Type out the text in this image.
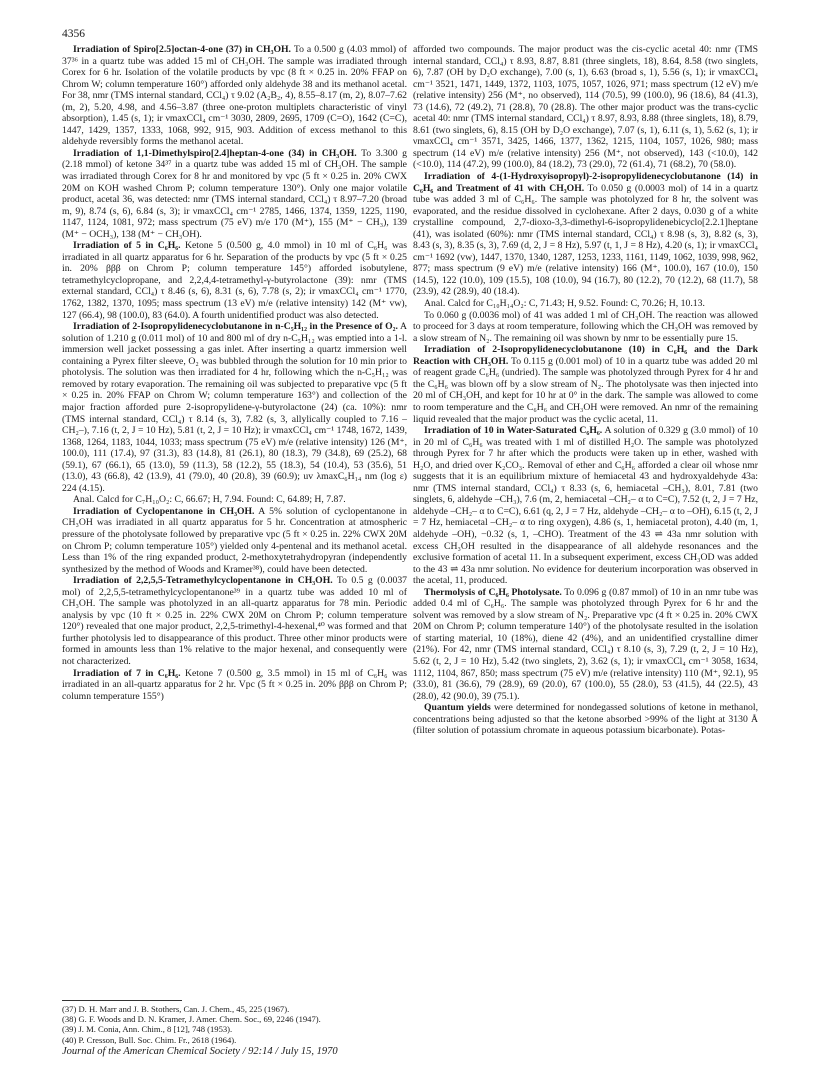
4356

Irradiation of Spiro[2.5]octan-4-one (37) in CH₃OH. To a 0.500 g (4.03 mmol) of 37³⁶ in a quartz tube was added 15 ml of CH₃OH. The sample was irradiated through Corex for 6 hr. Isolation of the volatile products by vpc (8 ft × 0.25 in. 20% FFAP on Chrom W; column temperature 160°) afforded only aldehyde 38 and its methanol acetal. For 38, nmr (TMS internal standard, CCl₄) τ 9.02 (A₂B₂, 4), 8.55–8.17 (m, 2), 8.07–7.62 (m, 2), 5.20, 4.98, and 4.56–3.87 (three one-proton multiplets characteristic of vinyl absorption), 1.45 (s, 1); ir νmaxCCl₄ cm⁻¹ 3030, 2809, 2695, 1709 (C=O), 1642 (C=C), 1447, 1429, 1357, 1333, 1068, 992, 915, 903. Addition of excess methanol to this aldehyde reversibly forms the methanol acetal.

Irradiation of 1,1-Dimethylspiro[2.4]heptan-4-one (34) in CH₃OH. To 3.300 g (2.18 mmol) of ketone 34³⁷ in a quartz tube was added 15 ml of CH₃OH. The sample was irradiated through Corex for 8 hr and monitored by vpc (5 ft × 0.25 in. 20% CWX 20M on KOH washed Chrom P; column temperature 130°). Only one major volatile product, acetal 36, was detected: nmr (TMS internal standard, CCl₄) τ 8.97–7.20 (broad m, 9), 8.74 (s, 6), 6.84 (s, 3); ir νmaxCCl₄ cm⁻¹ 2785, 1466, 1374, 1359, 1225, 1190, 1147, 1124, 1081, 972; mass spectrum (75 eV) m/e 170 (M⁺), 155 (M⁺ − CH₃), 139 (M⁺ − OCH₃), 138 (M⁺ − CH₃OH).

Irradiation of 5 in C₆H₆. Ketone 5 (0.500 g, 4.0 mmol) in 10 ml of C₆H₆ was irradiated in all quartz apparatus for 6 hr. Separation of the products by vpc (5 ft × 0.25 in. 20% βββ on Chrom P; column temperature 145°) afforded isobutylene, tetramethylcyclopropane, and 2,2,4,4-tetramethyl-γ-butyrolactone (39): nmr (TMS external standard, CCl₄) τ 8.46 (s, 6), 8.31 (s, 6), 7.78 (s, 2); ir νmaxCCl₄ cm⁻¹ 1770, 1762, 1382, 1370, 1095; mass spectrum (13 eV) m/e (relative intensity) 142 (M⁺ vw), 127 (66.4), 98 (100.0), 83 (64.0). A fourth unidentified product was also detected.

Irradiation of 2-Isopropylidenecyclobutanone in n-C₅H₁₂ in the Presence of O₂. A solution of 1.210 g (0.011 mol) of 10 and 800 ml of dry n-C₅H₁₂ was emptied into a 1-l. immersion well jacket possessing a gas inlet. After inserting a quartz immersion well containing a Pyrex filter sleeve, O₂ was bubbled through the solution for 10 min prior to photolysis. The solution was then irradiated for 4 hr, following which the n-C₅H₁₂ was removed by rotary evaporation. The remaining oil was subjected to preparative vpc (5 ft × 0.25 in. 20% FFAP on Chrom W; column temperature 163°) and collection of the major fraction afforded pure 2-isopropylidene-γ-butyrolactone (24) (ca. 10%): nmr (TMS internal standard, CCl₄) τ 8.14 (s, 3), 7.82 (s, 3, allylically coupled to 7.16 –CH₂–), 7.16 (t, 2, J = 10 Hz), 5.81 (t, 2, J = 10 Hz); ir νmaxCCl₄ cm⁻¹ 1748, 1672, 1439, 1368, 1264, 1183, 1044, 1033; mass spectrum (75 eV) m/e (relative intensity) 126 (M⁺, 100.0), 111 (17.4), 97 (31.3), 83 (14.8), 81 (26.1), 80 (18.3), 79 (34.8), 69 (25.2), 68 (59.1), 67 (66.1), 65 (13.0), 59 (11.3), 58 (12.2), 55 (18.3), 54 (10.4), 53 (35.6), 51 (13.0), 43 (66.8), 42 (13.9), 41 (79.0), 40 (20.8), 39 (60.9); uv λmaxC₆H₁₄ nm (log ε) 224 (4.15).

Anal. Calcd for C₇H₁₀O₂: C, 66.67; H, 7.94. Found: C, 64.89; H, 7.87.

Irradiation of Cyclopentanone in CH₃OH. A 5% solution of cyclopentanone in CH₃OH was irradiated in all quartz apparatus for 5 hr. Concentration at atmospheric pressure of the photolysate followed by preparative vpc (5 ft × 0.25 in. 22% CWX 20M on Chrom P; column temperature 105°) yielded only 4-pentenal and its methanol acetal. Less than 1% of the ring expanded product, 2-methoxytetrahydropyran (independently synthesized by the method of Woods and Kramer³⁸), could have been detected.

Irradiation of 2,2,5,5-Tetramethylcyclopentanone in CH₃OH. To 0.5 g (0.0037 mol) of 2,2,5,5-tetramethylcyclopentanone³⁹ in a quartz tube was added 10 ml of CH₃OH. The sample was photolyzed in an all-quartz apparatus for 78 min. Periodic analysis by vpc (10 ft × 0.25 in. 22% CWX 20M on Chrom P; column temperature 120°) revealed that one major product, 2,2,5-trimethyl-4-hexenal,⁴⁰ was formed and that further photolysis led to disappearance of this product. Three other minor products were formed in amounts less than 1% relative to the major hexenal, and consequently were not characterized.

Irradiation of 7 in C₆H₆. Ketone 7 (0.500 g, 3.5 mmol) in 15 ml of C₆H₆ was irradiated in an all-quartz apparatus for 2 hr. Vpc (5 ft × 0.25 in. 20% βββ on Chrom P; column temperature 155°)

afforded two compounds. The major product was the cis-cyclic acetal 40: nmr (TMS internal standard, CCl₄) τ 8.93, 8.87, 8.81 (three singlets, 18), 8.64, 8.58 (two singlets, 6), 7.87 (OH by D₂O exchange), 7.00 (s, 1), 6.63 (broad s, 1), 5.56 (s, 1); ir νmaxCCl₄ cm⁻¹ 3521, 1471, 1449, 1372, 1103, 1075, 1057, 1026, 971; mass spectrum (12 eV) m/e (relative intensity) 256 (M⁺, no observed), 114 (70.5), 99 (100.0), 96 (18.6), 84 (41.3), 73 (14.6), 72 (49.2), 71 (28.8), 70 (28.8). The other major product was the trans-cyclic acetal 40: nmr (TMS internal standard, CCl₄) τ 8.97, 8.93, 8.88 (three singlets, 18), 8.79, 8.61 (two singlets, 6), 8.15 (OH by D₂O exchange), 7.07 (s, 1), 6.11 (s, 1), 5.62 (s, 1); ir νmaxCCl₄ cm⁻¹ 3571, 3425, 1466, 1377, 1362, 1215, 1104, 1057, 1026, 980; mass spectrum (14 eV) m/e (relative intensity) 256 (M⁺, not observed), 143 (<10.0), 142 (<10.0), 114 (47.2), 99 (100.0), 84 (18.2), 73 (29.0), 72 (61.4), 71 (68.2), 70 (58.0).

Irradiation of 4-(1-Hydroxyisopropyl)-2-isopropylidenecyclobutanone (14) in C₆H₆ and Treatment of 41 with CH₃OH. To 0.050 g (0.0003 mol) of 14 in a quartz tube was added 3 ml of C₆H₆. The sample was photolyzed for 8 hr, the solvent was evaporated, and the residue dissolved in cyclohexane. After 2 days, 0.030 g of a white crystalline compound, 2,7-dioxo-3,3-dimethyl-6-isopropylidenebicyclo[2.2.1]heptane (41), was isolated (60%): nmr (TMS internal standard, CCl₄) τ 8.98 (s, 3), 8.82 (s, 3), 8.43 (s, 3), 8.35 (s, 3), 7.69 (d, 2, J = 8 Hz), 5.97 (t, 1, J = 8 Hz), 4.20 (s, 1); ir νmaxCCl₄ cm⁻¹ 1692 (vw), 1447, 1370, 1340, 1287, 1253, 1233, 1161, 1149, 1062, 1039, 998, 962, 877; mass spectrum (9 eV) m/e (relative intensity) 166 (M⁺, 100.0), 167 (10.0), 150 (14.5), 122 (10.0), 109 (15.5), 108 (10.0), 94 (16.7), 80 (12.2), 70 (12.2), 68 (11.7), 58 (23.9), 42 (28.9), 40 (18.4).

Anal. Calcd for C₁₀H₁₄O₂: C, 71.43; H, 9.52. Found: C, 70.26; H, 10.13.

To 0.060 g (0.0036 mol) of 41 was added 1 ml of CH₃OH. The reaction was allowed to proceed for 3 days at room temperature, following which the CH₃OH was removed by a slow stream of N₂. The remaining oil was shown by nmr to be essentially pure 15.

Irradiation of 2-Isopropylidenecyclobutanone (10) in C₆H₆ and the Dark Reaction with CH₃OH. To 0.115 g (0.001 mol) of 10 in a quartz tube was added 20 ml of reagent grade C₆H₆ (undried). The sample was photolyzed through Pyrex for 4 hr and the C₆H₆ was blown off by a slow stream of N₂. The photolysate was then injected into 20 ml of CH₃OH, and kept for 10 hr at 0° in the dark. The sample was allowed to come to room temperature and the C₆H₆ and CH₃OH were removed. An nmr of the remaining liquid revealed that the major product was the cyclic acetal, 11.

Irradiation of 10 in Water-Saturated C₆H₆. A solution of 0.329 g (3.0 mmol) of 10 in 20 ml of C₆H₆ was treated with 1 ml of distilled H₂O. The sample was photolyzed through Pyrex for 7 hr after which the products were taken up in ether, washed with H₂O, and dried over K₂CO₃. Removal of ether and C₆H₆ afforded a clear oil whose nmr suggests that it is an equilibrium mixture of hemiacetal 43 and hydroxyaldehyde 43a: nmr (TMS internal standard, CCl₄) τ 8.33 (s, 6, hemiacetal –CH₃), 8.01, 7.81 (two singlets, 6, aldehyde –CH₃), 7.6 (m, 2, hemiacetal –CH₂– α to C=C), 7.52 (t, 2, J = 7 Hz, aldehyde –CH₂– α to C=C), 6.61 (q, 2, J = 7 Hz, aldehyde –CH₂– α to –OH), 6.15 (t, 2, J = 7 Hz, hemiacetal –CH₂– α to ring oxygen), 4.86 (s, 1, hemiacetal proton), 4.40 (m, 1, aldehyde –OH), −0.32 (s, 1, –CHO). Treatment of the 43 ⇌ 43a nmr solution with excess CH₃OH resulted in the disappearance of all aldehyde resonances and the exclusive formation of acetal 11. In a subsequent experiment, excess CH₃OD was added to the 43 ⇌ 43a nmr solution. No evidence for deuterium incorporation was observed in the acetal, 11, produced.

Thermolysis of C₆H₆ Photolysate. To 0.096 g (0.87 mmol) of 10 in an nmr tube was added 0.4 ml of C₆H₆. The sample was photolyzed through Pyrex for 6 hr and the solvent was removed by a slow stream of N₂. Preparative vpc (4 ft × 0.25 in. 20% CWX 20M on Chrom P; column temperature 140°) of the photolysate resulted in the isolation of starting material, 10 (18%), diene 42 (4%), and an unidentified crystalline dimer (21%). For 42, nmr (TMS internal standard, CCl₄) τ 8.10 (s, 3), 7.29 (t, 2, J = 10 Hz), 5.62 (t, 2, J = 10 Hz), 5.42 (two singlets, 2), 3.62 (s, 1); ir νmaxCCl₄ cm⁻¹ 3058, 1634, 1112, 1104, 867, 850; mass spectrum (75 eV) m/e (relative intensity) 110 (M⁺, 92.1), 95 (33.0), 81 (36.6), 79 (28.9), 69 (20.0), 67 (100.0), 55 (28.0), 53 (41.5), 44 (22.5), 43 (28.0), 42 (90.0), 39 (75.1).

Quantum yields were determined for nondegassed solutions of ketone in methanol, concentrations being adjusted so that the ketone absorbed >99% of the light at 3130 Å (filter solution of potassium chromate in aqueous potassium bicarbonate). Potas-

(37) D. H. Marr and J. B. Stothers, Can. J. Chem., 45, 225 (1967).
(38) G. F. Woods and D. N. Kramer, J. Amer. Chem. Soc., 69, 2246 (1947).
(39) J. M. Conia, Ann. Chim., 8 [12], 748 (1953).
(40) P. Cresson, Bull. Soc. Chim. Fr., 2618 (1964).
Journal of the American Chemical Society / 92:14 / July 15, 1970
